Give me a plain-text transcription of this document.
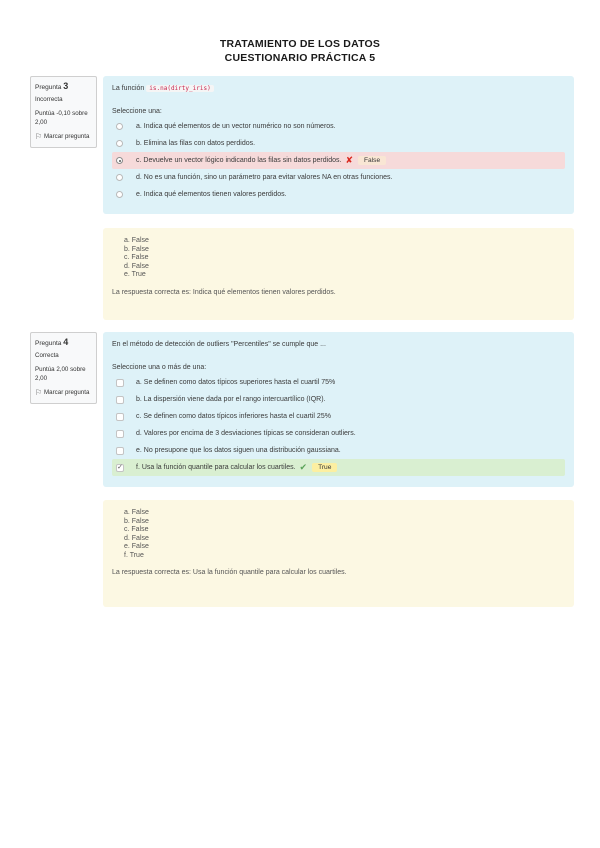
TRATAMIENTO DE LOS DATOS
CUESTIONARIO PRÁCTICA 5
Pregunta 3
Incorrecta
Puntúa -0,10 sobre 2,00
⚐ Marcar pregunta
La función is.na(dirty_iris)
Seleccione una:
a. Indica qué elementos de un vector numérico no son números.
b. Elimina las filas con datos perdidos.
c. Devuelve un vector lógico indicando las filas sin datos perdidos. ✘	False
d. No es una función, sino un parámetro para evitar valores NA en otras funciones.
e. Indica qué elementos tienen valores perdidos.
a. False
b. False
c. False
d. False
e. True
La respuesta correcta es: Indica qué elementos tienen valores perdidos.
Pregunta 4
Correcta
Puntúa 2,00 sobre 2,00
⚐ Marcar pregunta
En el método de detección de outliers "Percentiles" se cumple que ...
Seleccione una o más de una:
a. Se definen como datos típicos superiores hasta el cuartil 75%
b. La dispersión viene dada por el rango intercuartílico (IQR).
c. Se definen como datos típicos inferiores hasta el cuartil 25%
d. Valores por encima de 3 desviaciones típicas se consideran outliers.
e. No presupone que los datos siguen una distribución gaussiana.
✓ f. Usa la función quantile para calcular los cuartiles. ✔	True
a. False
b. False
c. False
d. False
e. False
f. True
La respuesta correcta es: Usa la función quantile para calcular los cuartiles.
